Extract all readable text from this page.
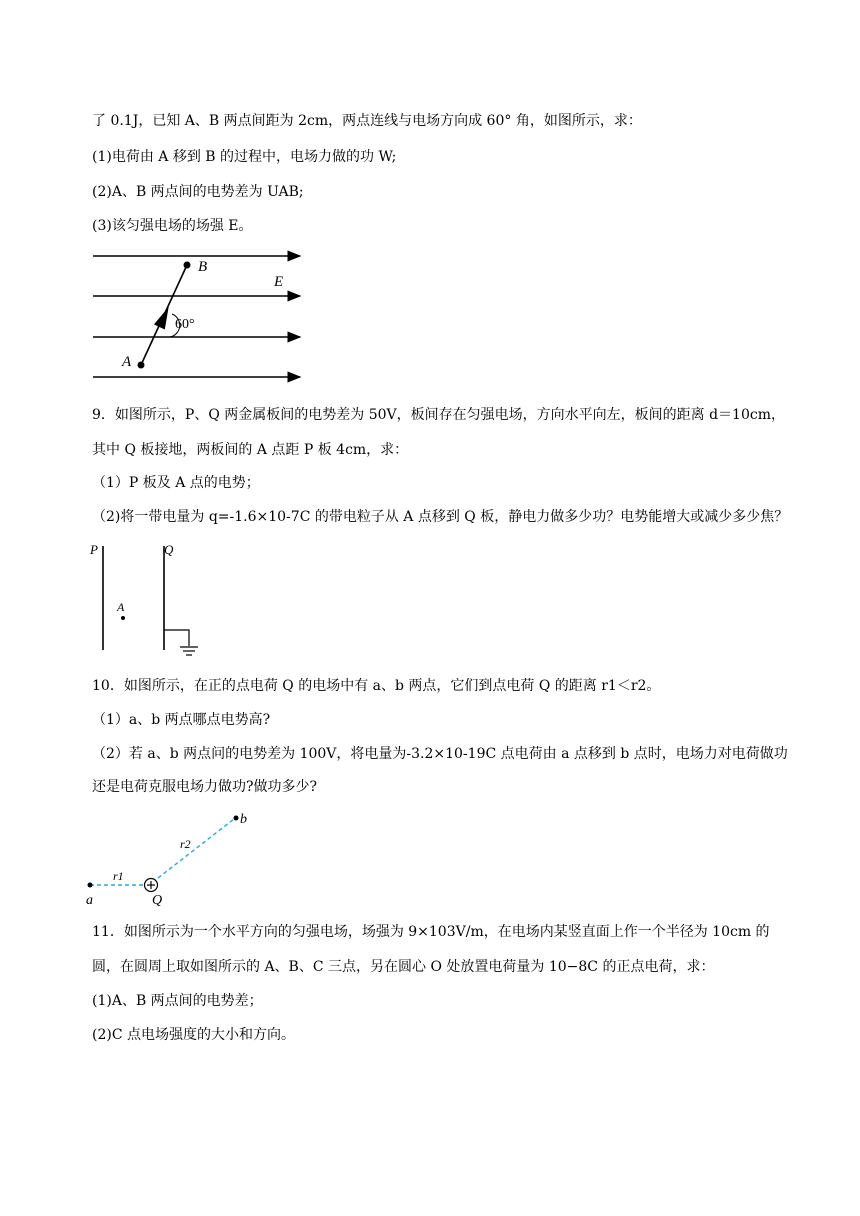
了 0.1J，已知 A、B 两点间距为 2cm，两点连线与电场方向成 60° 角，如图所示，求：
(1)电荷由 A 移到 B 的过程中，电场力做的功 W;
(2)A、B 两点间的电势差为 UAB;
(3)该匀强电场的场强 E。
A
B
E
60°
9．如图所示，P、Q 两金属板间的电势差为 50V，板间存在匀强电场，方向水平向左，板间的距离 d＝10cm，
其中 Q 板接地，两板间的 A 点距 P 板 4cm，求：
（1）P 板及 A 点的电势；
（2)将一带电量为 q=-1.6×10-7C 的带电粒子从 A 点移到 Q 板，静电力做多少功？电势能增大或减少多少焦？
P	Q
A
10．如图所示，在正的点电荷 Q 的电场中有 a、b 两点，它们到点电荷 Q 的距离 r1＜r2。
（1）a、b 两点哪点电势高?
（2）若 a、b 两点问的电势差为 100V，将电量为-3.2×10-19C 点电荷由 a 点移到 b 点时，电场力对电荷做功
还是电荷克服电场力做功?做功多少?
a
b
Q
r1
r2
11．如图所示为一个水平方向的匀强电场，场强为 9×103V/m，在电场内某竖直面上作一个半径为 10cm 的
圆，在圆周上取如图所示的 A、B、C 三点，另在圆心 O 处放置电荷量为 10−8C 的正点电荷，求：
(1)A、B 两点间的电势差；
(2)C 点电场强度的大小和方向。
